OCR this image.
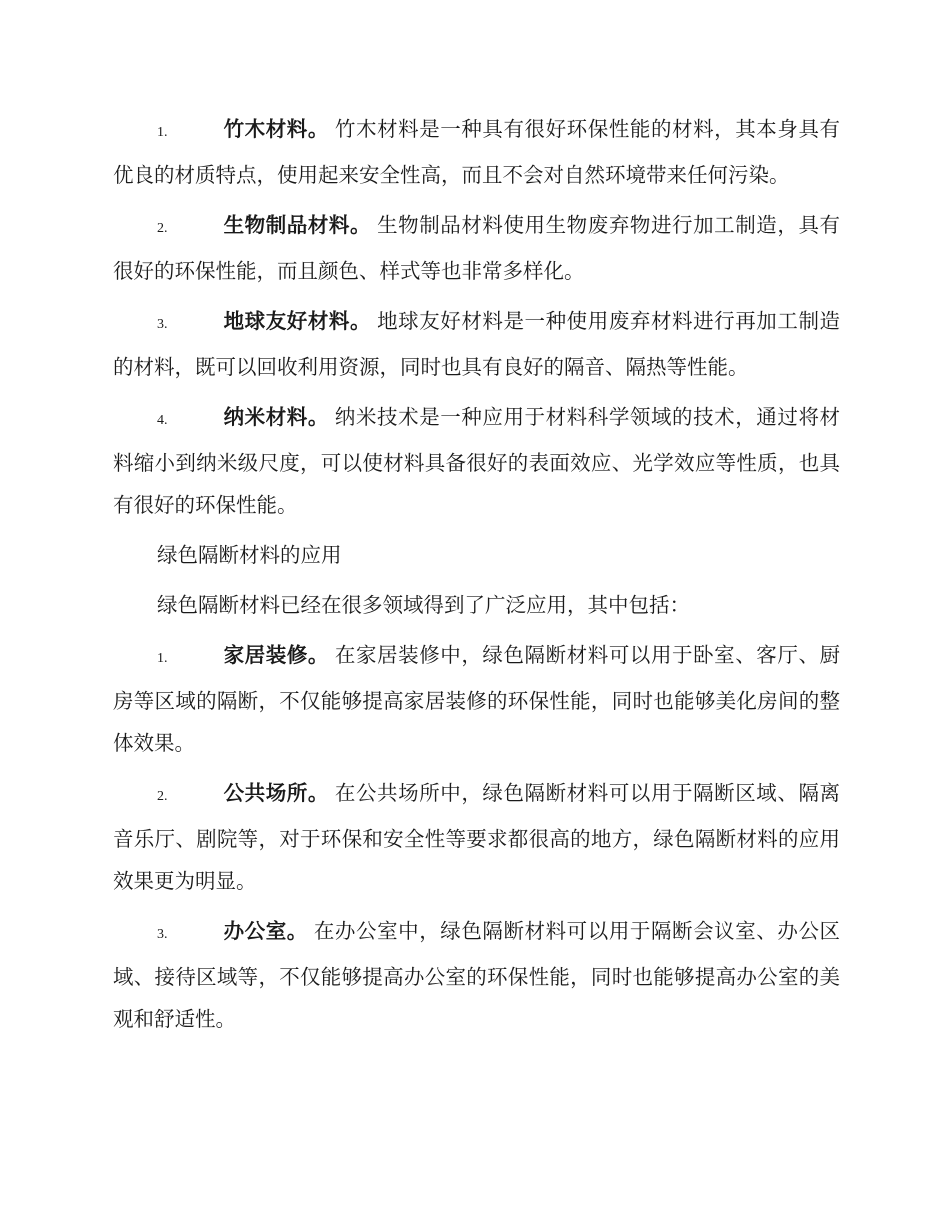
1.	竹木材料。 竹木材料是一种具有很好环保性能的材料，其本身具有优良的材质特点，使用起来安全性高，而且不会对自然环境带来任何污染。
2.	生物制品材料。 生物制品材料使用生物废弃物进行加工制造，具有很好的环保性能，而且颜色、样式等也非常多样化。
3.	地球友好材料。 地球友好材料是一种使用废弃材料进行再加工制造的材料，既可以回收利用资源，同时也具有良好的隔音、隔热等性能。
4.	纳米材料。 纳米技术是一种应用于材料科学领域的技术，通过将材料缩小到纳米级尺度，可以使材料具备很好的表面效应、光学效应等性质，也具有很好的环保性能。
绿色隔断材料的应用
绿色隔断材料已经在很多领域得到了广泛应用，其中包括：
1.	家居装修。 在家居装修中，绿色隔断材料可以用于卧室、客厅、厨房等区域的隔断，不仅能够提高家居装修的环保性能，同时也能够美化房间的整体效果。
2.	公共场所。 在公共场所中，绿色隔断材料可以用于隔断区域、隔离音乐厅、剧院等，对于环保和安全性等要求都很高的地方，绿色隔断材料的应用效果更为明显。
3.	办公室。 在办公室中，绿色隔断材料可以用于隔断会议室、办公区域、接待区域等，不仅能够提高办公室的环保性能，同时也能够提高办公室的美观和舒适性。
